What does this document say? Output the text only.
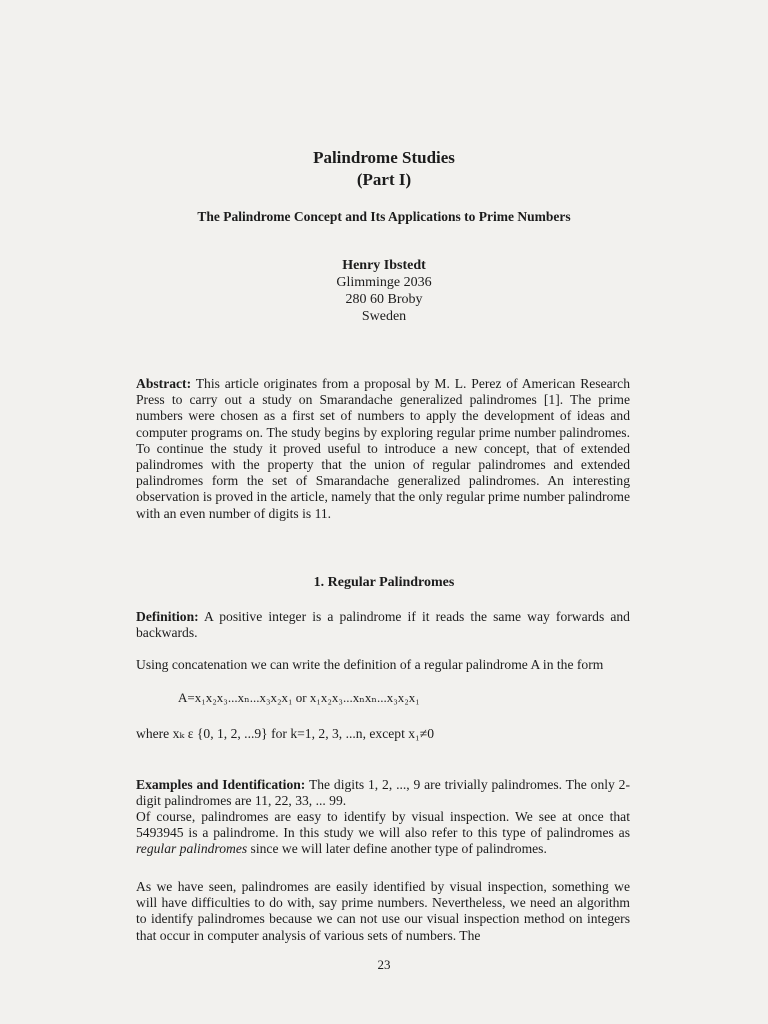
Palindrome Studies
(Part I)
The Palindrome Concept and Its Applications to Prime Numbers
Henry Ibstedt
Glimminge 2036
280 60 Broby
Sweden
Abstract: This article originates from a proposal by M. L. Perez of American Research Press to carry out a study on Smarandache generalized palindromes [1]. The prime numbers were chosen as a first set of numbers to apply the development of ideas and computer programs on. The study begins by exploring regular prime number palindromes. To continue the study it proved useful to introduce a new concept, that of extended palindromes with the property that the union of regular palindromes and extended palindromes form the set of Smarandache generalized palindromes. An interesting observation is proved in the article, namely that the only regular prime number palindrome with an even number of digits is 11.
1. Regular Palindromes
Definition: A positive integer is a palindrome if it reads the same way forwards and backwards.
Using concatenation we can write the definition of a regular palindrome A in the form
A=x₁x₂x₃...xₙ...x₃x₂x₁ or x₁x₂x₃...xₙxₙ...x₃x₂x₁
where xₖ ε {0, 1, 2, ...9} for k=1, 2, 3, ...n, except x₁≠0
Examples and Identification: The digits 1, 2, ..., 9 are trivially palindromes. The only 2-digit palindromes are 11, 22, 33, ... 99.
Of course, palindromes are easy to identify by visual inspection. We see at once that 5493945 is a palindrome. In this study we will also refer to this type of palindromes as regular palindromes since we will later define another type of palindromes.
As we have seen, palindromes are easily identified by visual inspection, something we will have difficulties to do with, say prime numbers. Nevertheless, we need an algorithm to identify palindromes because we can not use our visual inspection method on integers that occur in computer analysis of various sets of numbers. The
23
